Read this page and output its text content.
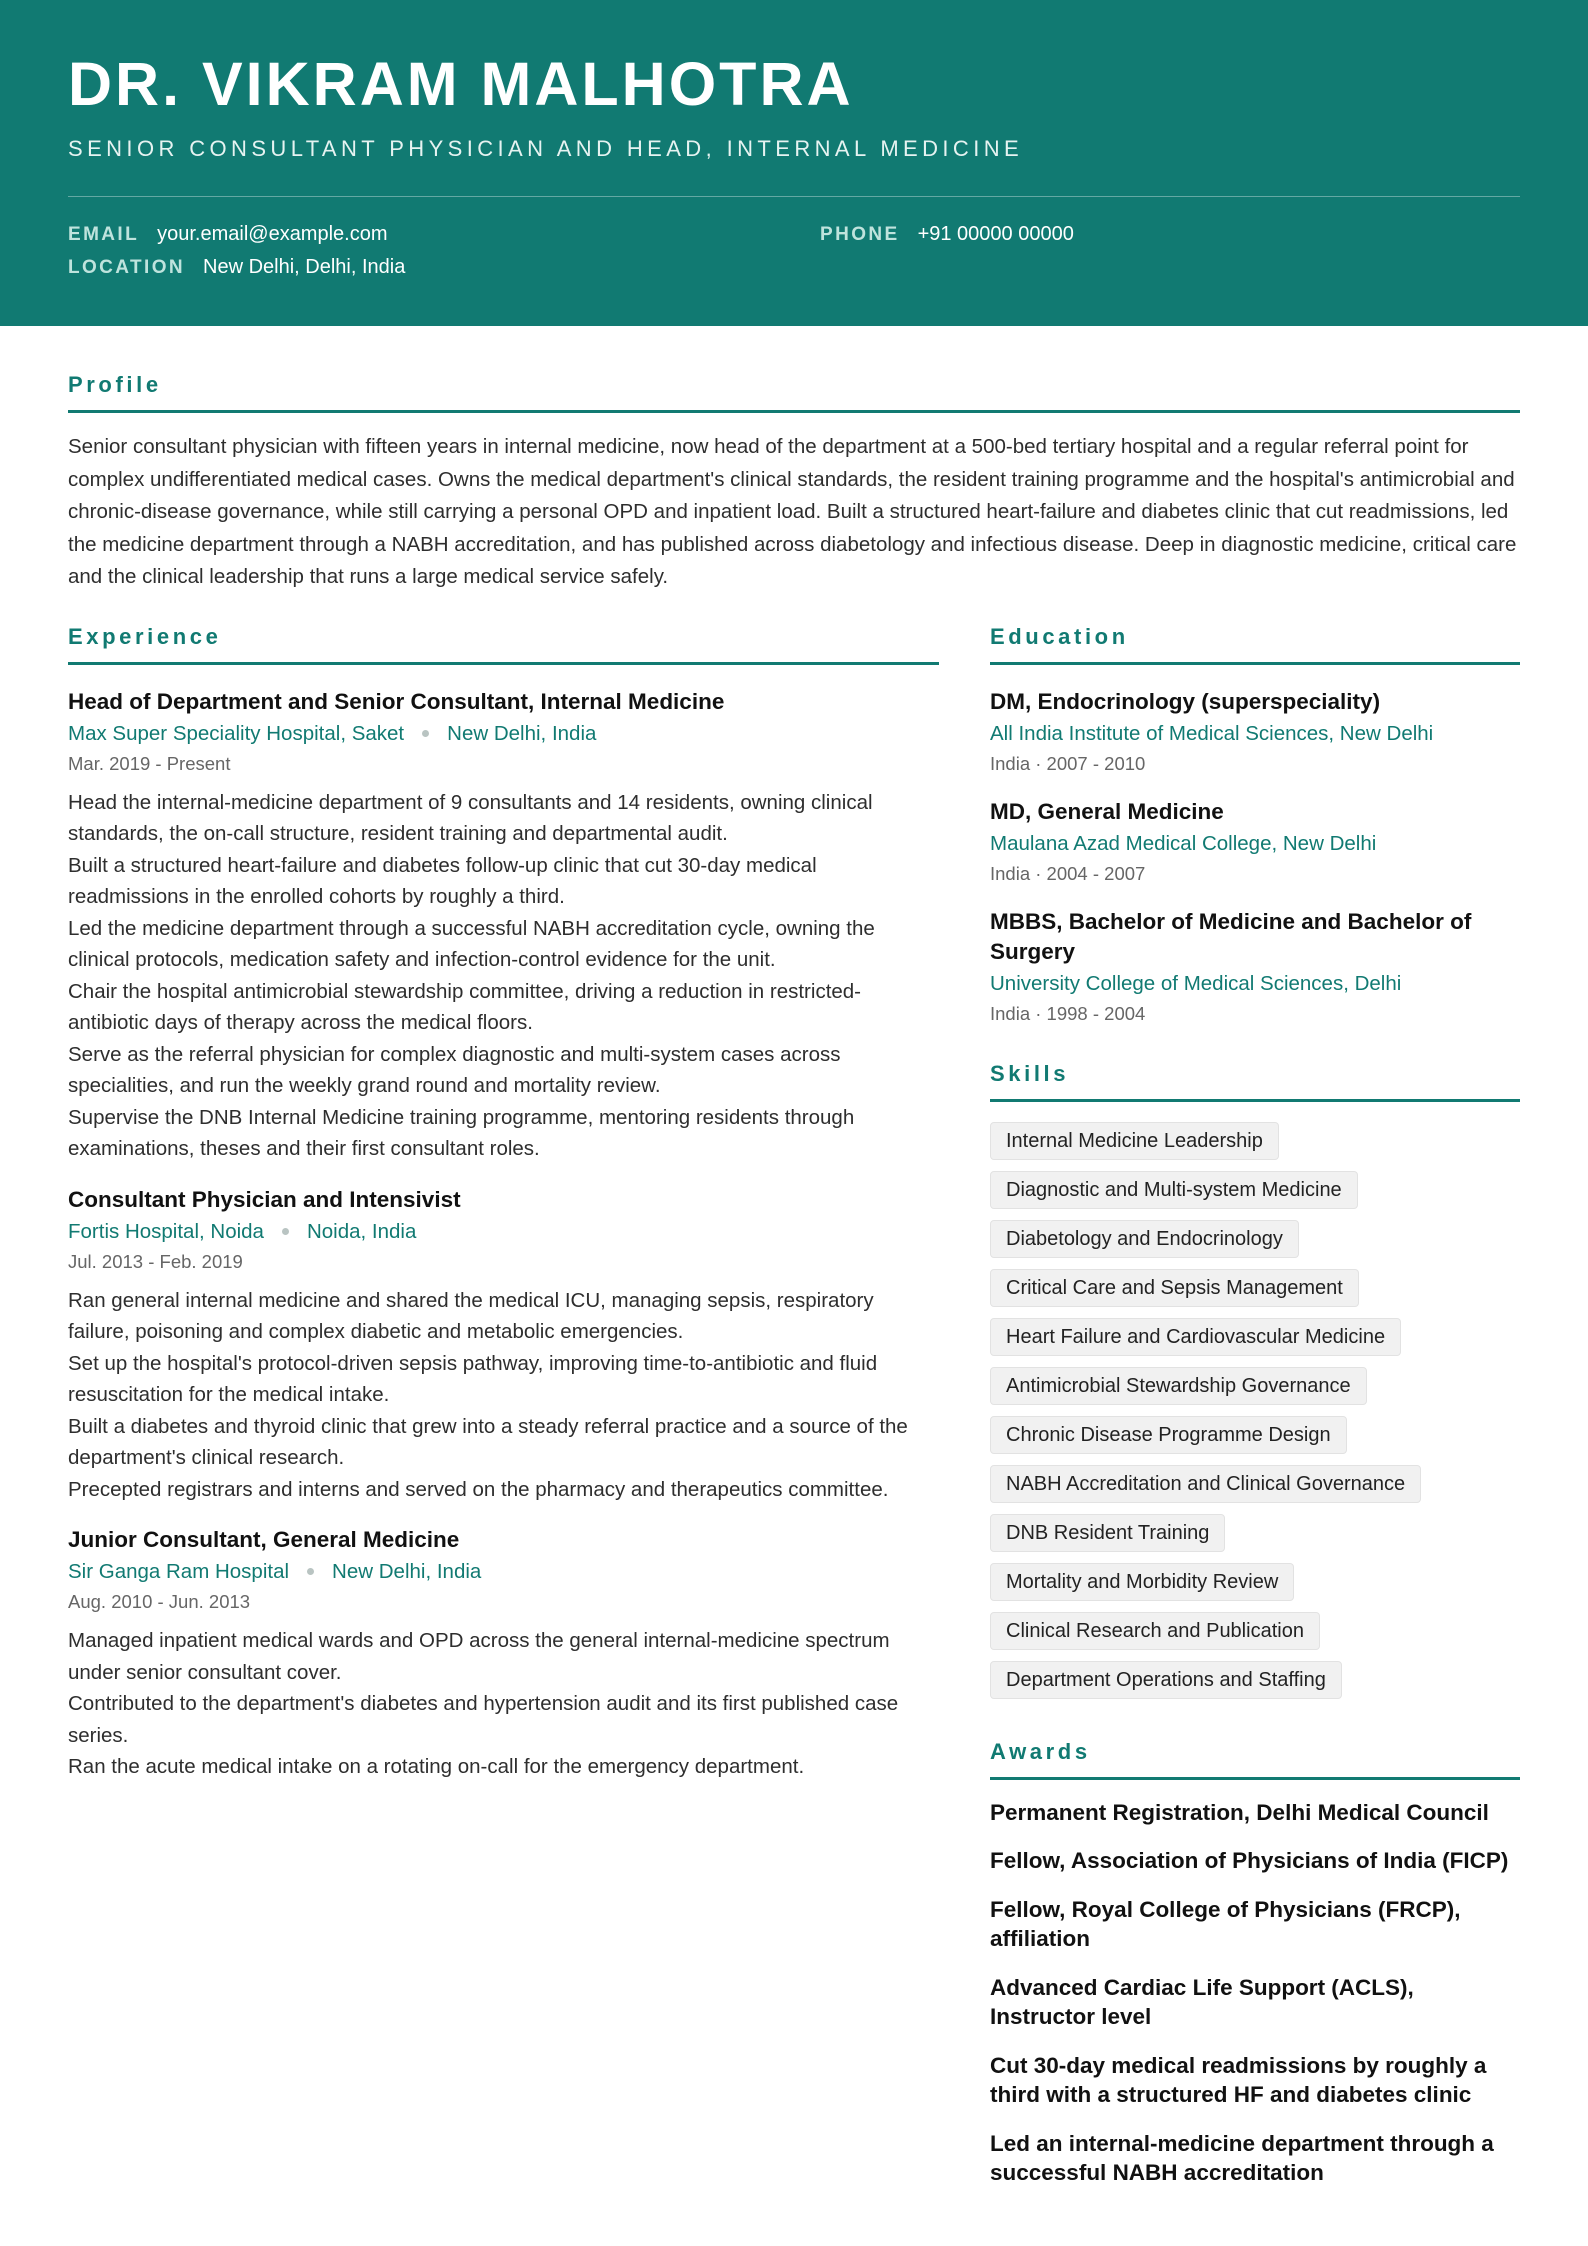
DR. VIKRAM MALHOTRA
SENIOR CONSULTANT PHYSICIAN AND HEAD, INTERNAL MEDICINE
EMAIL your.email@example.com	PHONE +91 00000 00000
LOCATION New Delhi, Delhi, India
Profile
Senior consultant physician with fifteen years in internal medicine, now head of the department at a 500-bed tertiary hospital and a regular referral point for complex undifferentiated medical cases. Owns the medical department's clinical standards, the resident training programme and the hospital's antimicrobial and chronic-disease governance, while still carrying a personal OPD and inpatient load. Built a structured heart-failure and diabetes clinic that cut readmissions, led the medicine department through a NABH accreditation, and has published across diabetology and infectious disease. Deep in diagnostic medicine, critical care and the clinical leadership that runs a large medical service safely.
Experience
Head of Department and Senior Consultant, Internal Medicine
Max Super Speciality Hospital, Saket New Delhi, India
Mar. 2019 - Present
Head the internal-medicine department of 9 consultants and 14 residents, owning clinical standards, the on-call structure, resident training and departmental audit.
Built a structured heart-failure and diabetes follow-up clinic that cut 30-day medical readmissions in the enrolled cohorts by roughly a third.
Led the medicine department through a successful NABH accreditation cycle, owning the clinical protocols, medication safety and infection-control evidence for the unit.
Chair the hospital antimicrobial stewardship committee, driving a reduction in restricted-antibiotic days of therapy across the medical floors.
Serve as the referral physician for complex diagnostic and multi-system cases across specialities, and run the weekly grand round and mortality review.
Supervise the DNB Internal Medicine training programme, mentoring residents through examinations, theses and their first consultant roles.
Consultant Physician and Intensivist
Fortis Hospital, Noida Noida, India
Jul. 2013 - Feb. 2019
Ran general internal medicine and shared the medical ICU, managing sepsis, respiratory failure, poisoning and complex diabetic and metabolic emergencies.
Set up the hospital's protocol-driven sepsis pathway, improving time-to-antibiotic and fluid resuscitation for the medical intake.
Built a diabetes and thyroid clinic that grew into a steady referral practice and a source of the department's clinical research.
Precepted registrars and interns and served on the pharmacy and therapeutics committee.
Junior Consultant, General Medicine
Sir Ganga Ram Hospital New Delhi, India
Aug. 2010 - Jun. 2013
Managed inpatient medical wards and OPD across the general internal-medicine spectrum under senior consultant cover.
Contributed to the department's diabetes and hypertension audit and its first published case series.
Ran the acute medical intake on a rotating on-call for the emergency department.
Education
DM, Endocrinology (superspeciality)
All India Institute of Medical Sciences, New Delhi
India · 2007 - 2010
MD, General Medicine
Maulana Azad Medical College, New Delhi
India · 2004 - 2007
MBBS, Bachelor of Medicine and Bachelor of Surgery
University College of Medical Sciences, Delhi
India · 1998 - 2004
Skills
Internal Medicine Leadership
Diagnostic and Multi-system Medicine
Diabetology and Endocrinology
Critical Care and Sepsis Management
Heart Failure and Cardiovascular Medicine
Antimicrobial Stewardship Governance
Chronic Disease Programme Design
NABH Accreditation and Clinical Governance
DNB Resident Training
Mortality and Morbidity Review
Clinical Research and Publication
Department Operations and Staffing
Awards
Permanent Registration, Delhi Medical Council
Fellow, Association of Physicians of India (FICP)
Fellow, Royal College of Physicians (FRCP), affiliation
Advanced Cardiac Life Support (ACLS), Instructor level
Cut 30-day medical readmissions by roughly a third with a structured HF and diabetes clinic
Led an internal-medicine department through a successful NABH accreditation
